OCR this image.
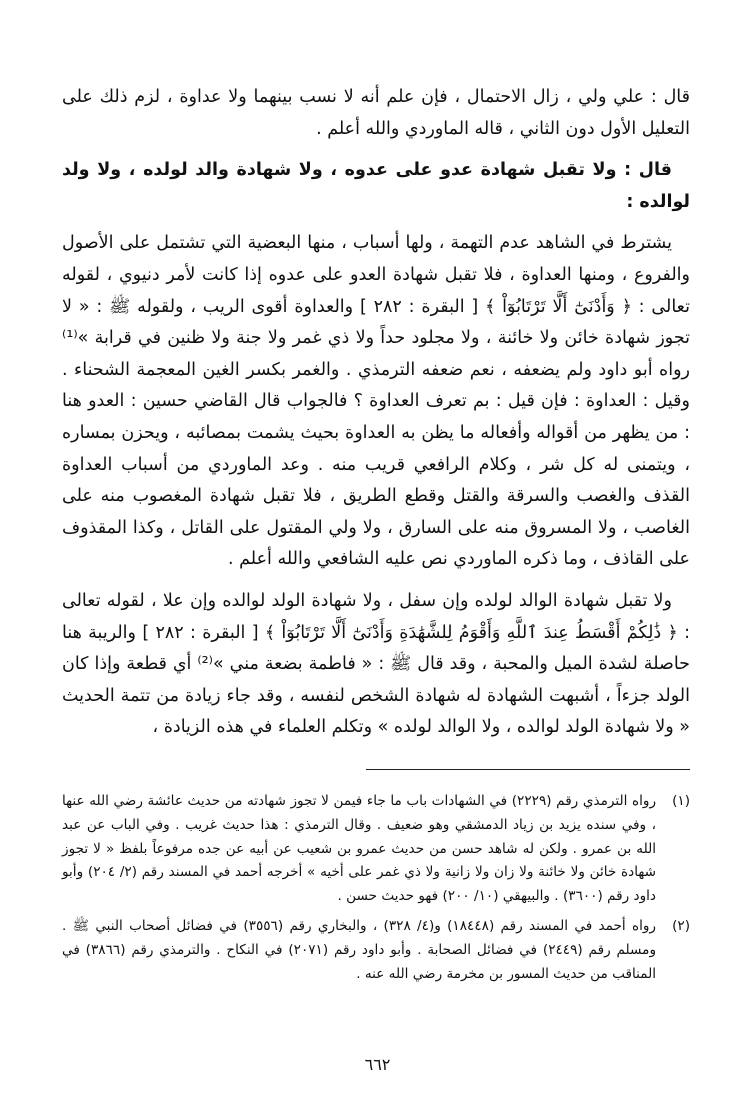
قال : علي ولي ، زال الاحتمال ، فإن علم أنه لا نسب بينهما ولا عداوة ، لزم ذلك على التعليل الأول دون الثاني ، قاله الماوردي والله أعلم .

قال : ولا تقبل شهادة عدو على عدوه ، ولا شهادة والد لولده ، ولا ولد لوالده :

يشترط في الشاهد عدم التهمة ، ولها أسباب ، منها البعضية التي تشتمل على الأصول والفروع ، ومنها العداوة ، فلا تقبل شهادة العدو على عدوه إذا كانت لأمر دنيوي ، لقوله تعالى : ﴿ وَأَدْنَىٰٓ أَلَّا تَرْتَابُوٓاْ ﴾ [ البقرة : ٢٨٢ ] والعداوة أقوى الريب ، ولقوله ﷺ : « لا تجوز شهادة خائن ولا خائنة ، ولا مجلود حداً ولا ذي غمر ولا جنة ولا ظنين في قرابة »⁽¹⁾ رواه أبو داود ولم يضعفه ، نعم ضعفه الترمذي . والغمر بكسر الغين المعجمة الشحناء . وقيل : العداوة : فإن قيل : بم تعرف العداوة ؟ فالجواب قال القاضي حسين : العدو هنا : من يظهر من أقواله وأفعاله ما يظن به العداوة بحيث يشمت بمصائبه ، ويحزن بمساره ، ويتمنى له كل شر ، وكلام الرافعي قريب منه . وعد الماوردي من أسباب العداوة القذف والغصب والسرقة والقتل وقطع الطريق ، فلا تقبل شهادة المغصوب منه على الغاصب ، ولا المسروق منه على السارق ، ولا ولي المقتول على القاتل ، وكذا المقذوف على القاذف ، وما ذكره الماوردي نص عليه الشافعي والله أعلم .

ولا تقبل شهادة الوالد لولده وإن سفل ، ولا شهادة الولد لوالده وإن علا ، لقوله تعالى : ﴿ ذَٰلِكُمْ أَقْسَطُ عِندَ ٱللَّهِ وَأَقْوَمُ لِلشَّهَٰدَةِ وَأَدْنَىٰٓ أَلَّا تَرْتَابُوٓاْ ﴾ [ البقرة : ٢٨٢ ] والريبة هنا حاصلة لشدة الميل والمحبة ، وقد قال ﷺ : « فاطمة بضعة مني »⁽²⁾ أي قطعة وإذا كان الولد جزءاً ، أشبهت الشهادة له شهادة الشخص لنفسه ، وقد جاء زيادة من تتمة الحديث « ولا شهادة الولد لوالده ، ولا الوالد لولده » وتكلم العلماء في هذه الزيادة ،

(١)
رواه الترمذي رقم (٢٢٢٩) في الشهادات باب ما جاء فيمن لا تجوز شهادته من حديث عائشة رضي الله عنها ، وفي سنده يزيد بن زياد الدمشقي وهو ضعيف . وقال الترمذي : هذا حديث غريب . وفي الباب عن عبد الله بن عمرو . ولكن له شاهد حسن من حديث عمرو بن شعيب عن أبيه عن جده مرفوعاً بلفظ « لا تجوز شهادة خائن ولا خائنة ولا زان ولا زانية ولا ذي غمر على أخيه » أخرجه أحمد في المسند رقم (٢/ ٢٠٤) وأبو داود رقم (٣٦٠٠) . والبيهقي (١٠/ ٢٠٠) فهو حديث حسن .
(٢)
رواه أحمد في المسند رقم (١٨٤٤٨) و(٤/ ٣٢٨) ، والبخاري رقم (٣٥٥٦) في فضائل أصحاب النبي ﷺ . ومسلم رقم (٢٤٤٩) في فضائل الصحابة . وأبو داود رقم (٢٠٧١) في النكاح . والترمذي رقم (٣٨٦٦) في المناقب من حديث المسور بن مخرمة رضي الله عنه .
٦٦٢
